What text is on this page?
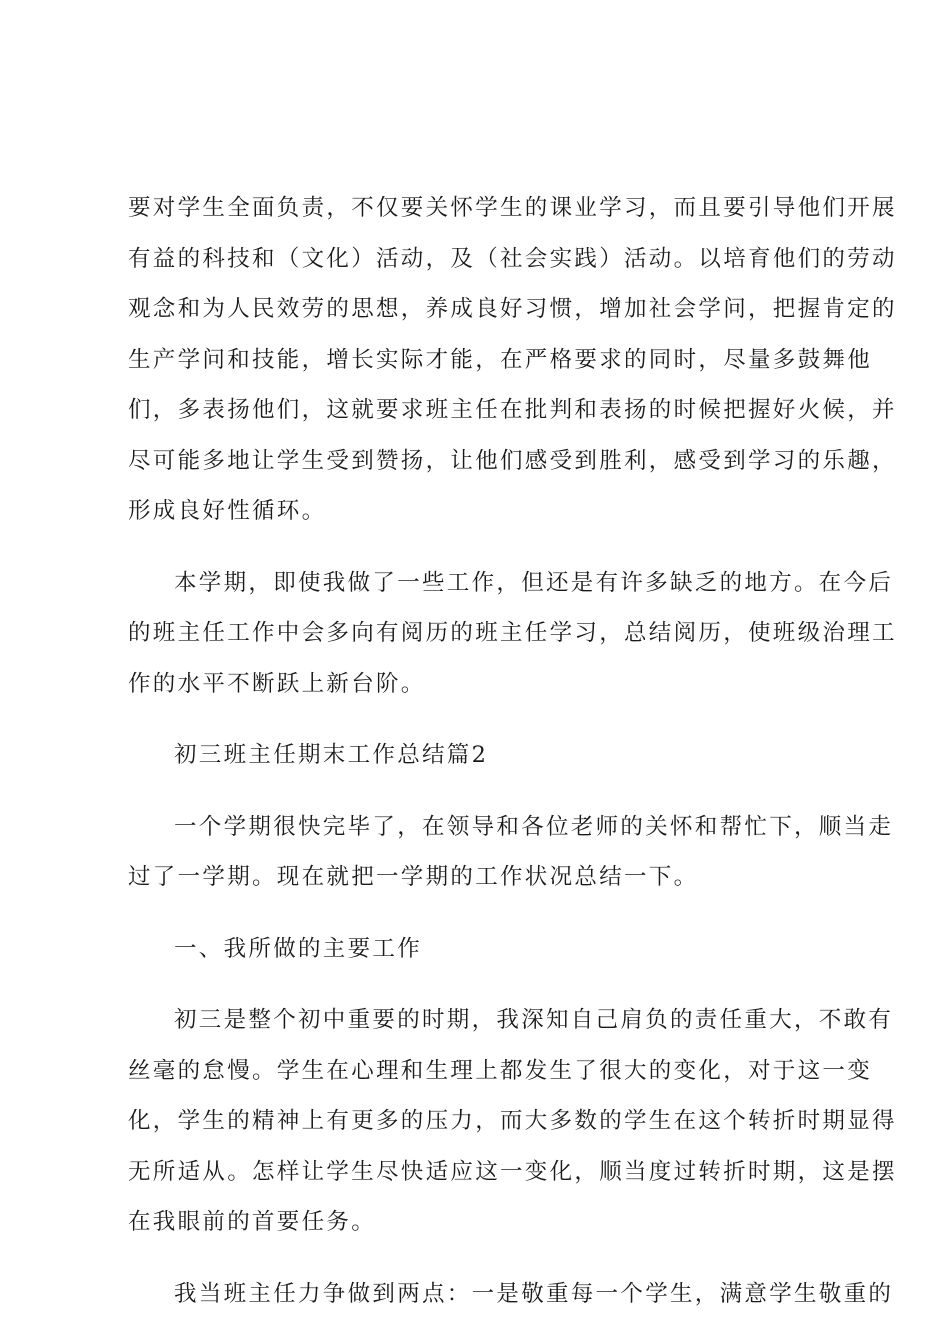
要对学生全面负责，不仅要关怀学生的课业学习，而且要引导他们开展
有益的科技和（文化）活动，及（社会实践）活动。以培育他们的劳动
观念和为人民效劳的思想，养成良好习惯，增加社会学问，把握肯定的
生产学问和技能，增长实际才能，在严格要求的同时，尽量多鼓舞他
们，多表扬他们，这就要求班主任在批判和表扬的时候把握好火候，并
尽可能多地让学生受到赞扬，让他们感受到胜利，感受到学习的乐趣，
形成良好性循环。
本学期，即使我做了一些工作，但还是有许多缺乏的地方。在今后
的班主任工作中会多向有阅历的班主任学习，总结阅历，使班级治理工
作的水平不断跃上新台阶。
初三班主任期末工作总结篇2
一个学期很快完毕了，在领导和各位老师的关怀和帮忙下，顺当走
过了一学期。现在就把一学期的工作状况总结一下。
一、我所做的主要工作
初三是整个初中重要的时期，我深知自己肩负的责任重大，不敢有
丝毫的怠慢。学生在心理和生理上都发生了很大的变化，对于这一变
化，学生的精神上有更多的压力，而大多数的学生在这个转折时期显得
无所适从。怎样让学生尽快适应这一变化，顺当度过转折时期，这是摆
在我眼前的首要任务。
我当班主任力争做到两点：一是敬重每一个学生，满意学生敬重的
